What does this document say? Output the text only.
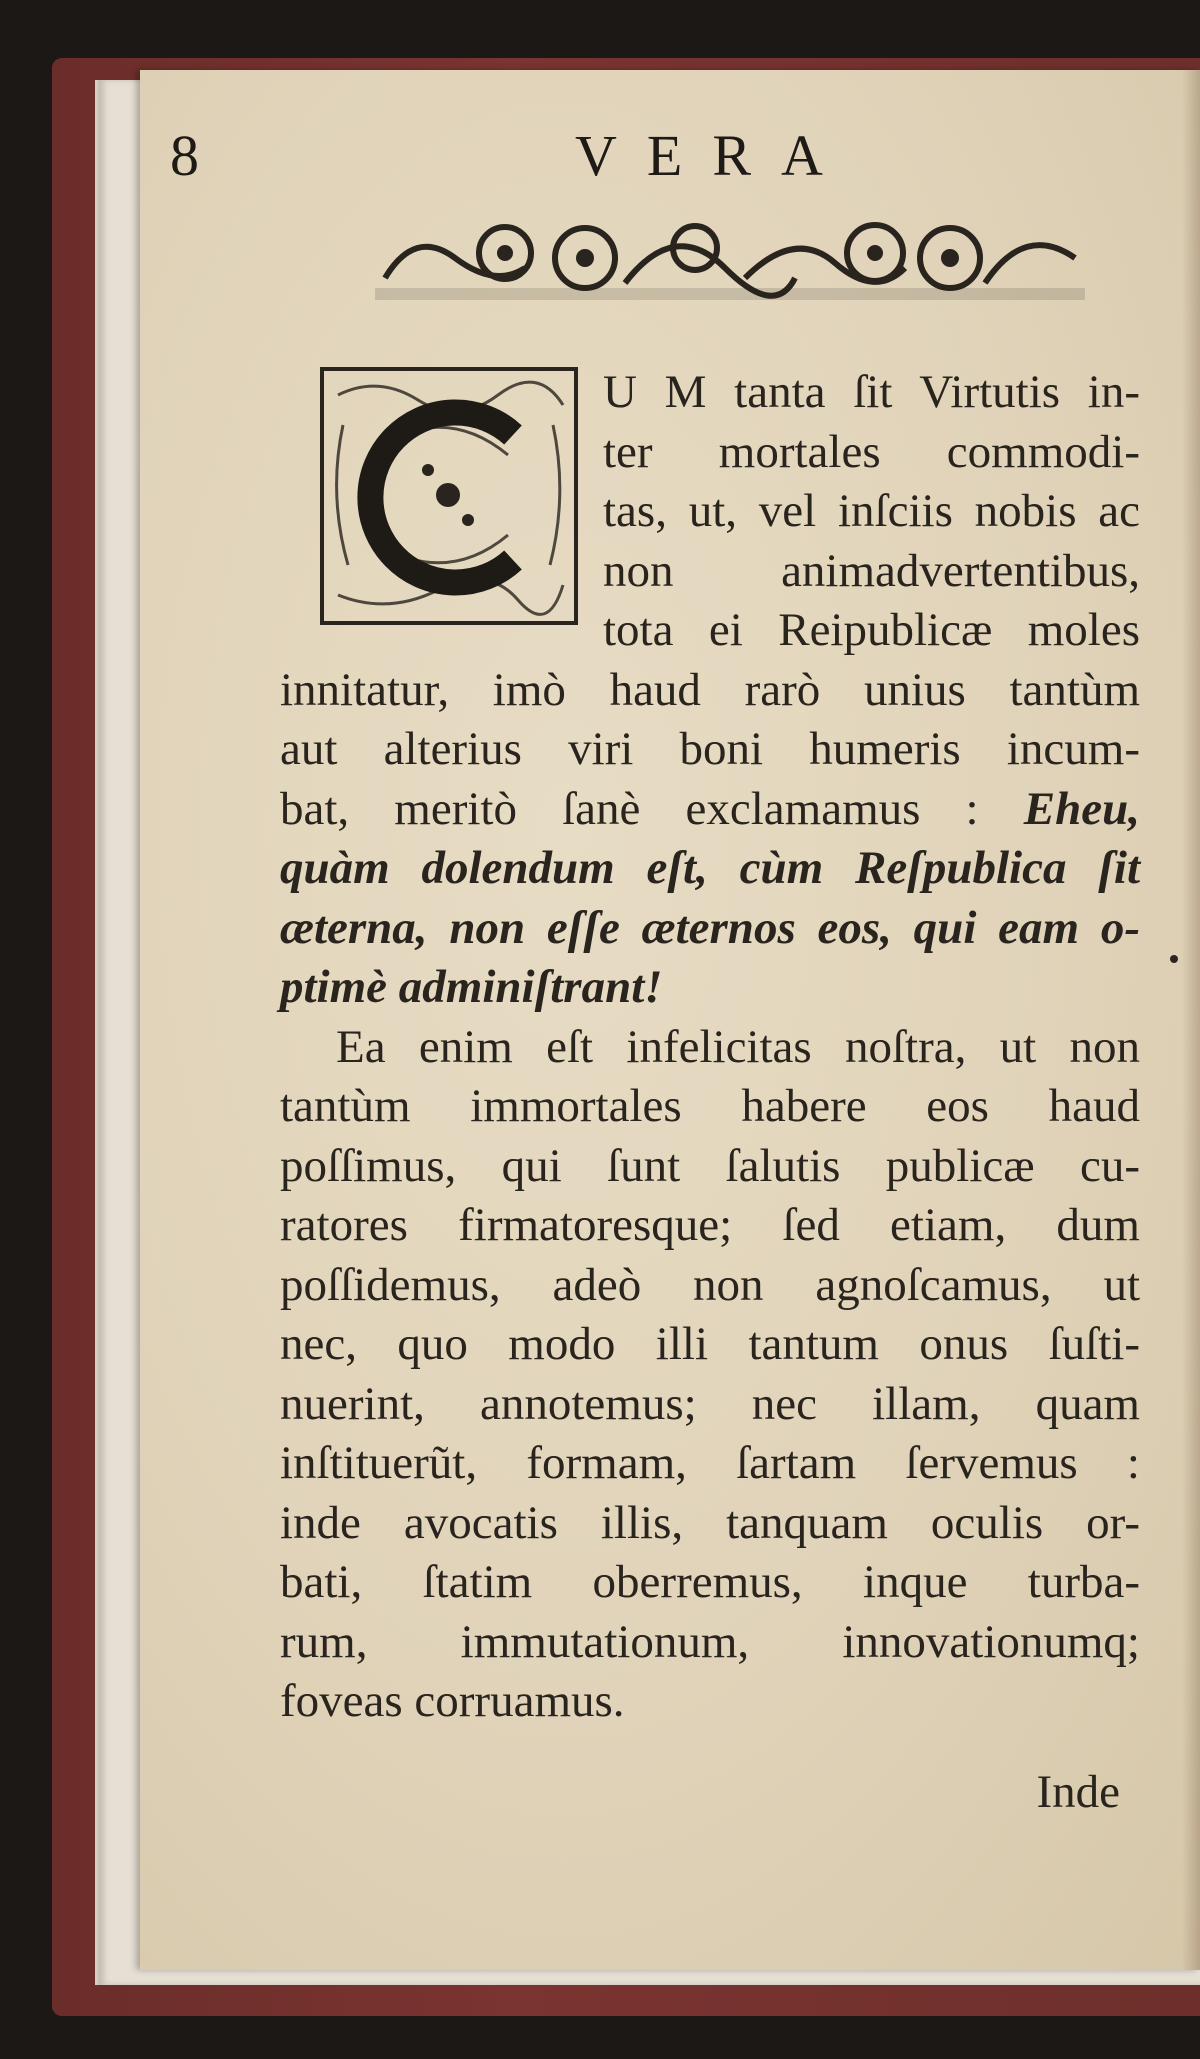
8	VERA
U M tanta ſit Virtutis in-
ter mortales commodi-
tas, ut, vel inſciis nobis ac
non animadvertentibus,
tota ei Reipublicæ moles
innitatur, imò haud rarò unius tantùm
aut alterius viri boni humeris incum-
bat, meritò ſanè exclamamus : Eheu,
quàm dolendum eſt, cùm Reſpublica ſit
æterna, non eſſe æternos eos, qui eam o-
ptimè adminiſtrant!
Ea enim eſt infelicitas noſtra, ut non
tantùm immortales habere eos haud
poſſimus, qui ſunt ſalutis publicæ cu-
ratores firmatoresque; ſed etiam, dum
poſſidemus, adeò non agnoſcamus, ut
nec, quo modo illi tantum onus ſuſti-
nuerint, annotemus; nec illam, quam
inſtituerũt, formam, ſartam ſervemus :
inde avocatis illis, tanquam oculis or-
bati, ſtatim oberremus, inque turba-
rum, immutationum, innovationumq;
foveas corruamus.
Inde
